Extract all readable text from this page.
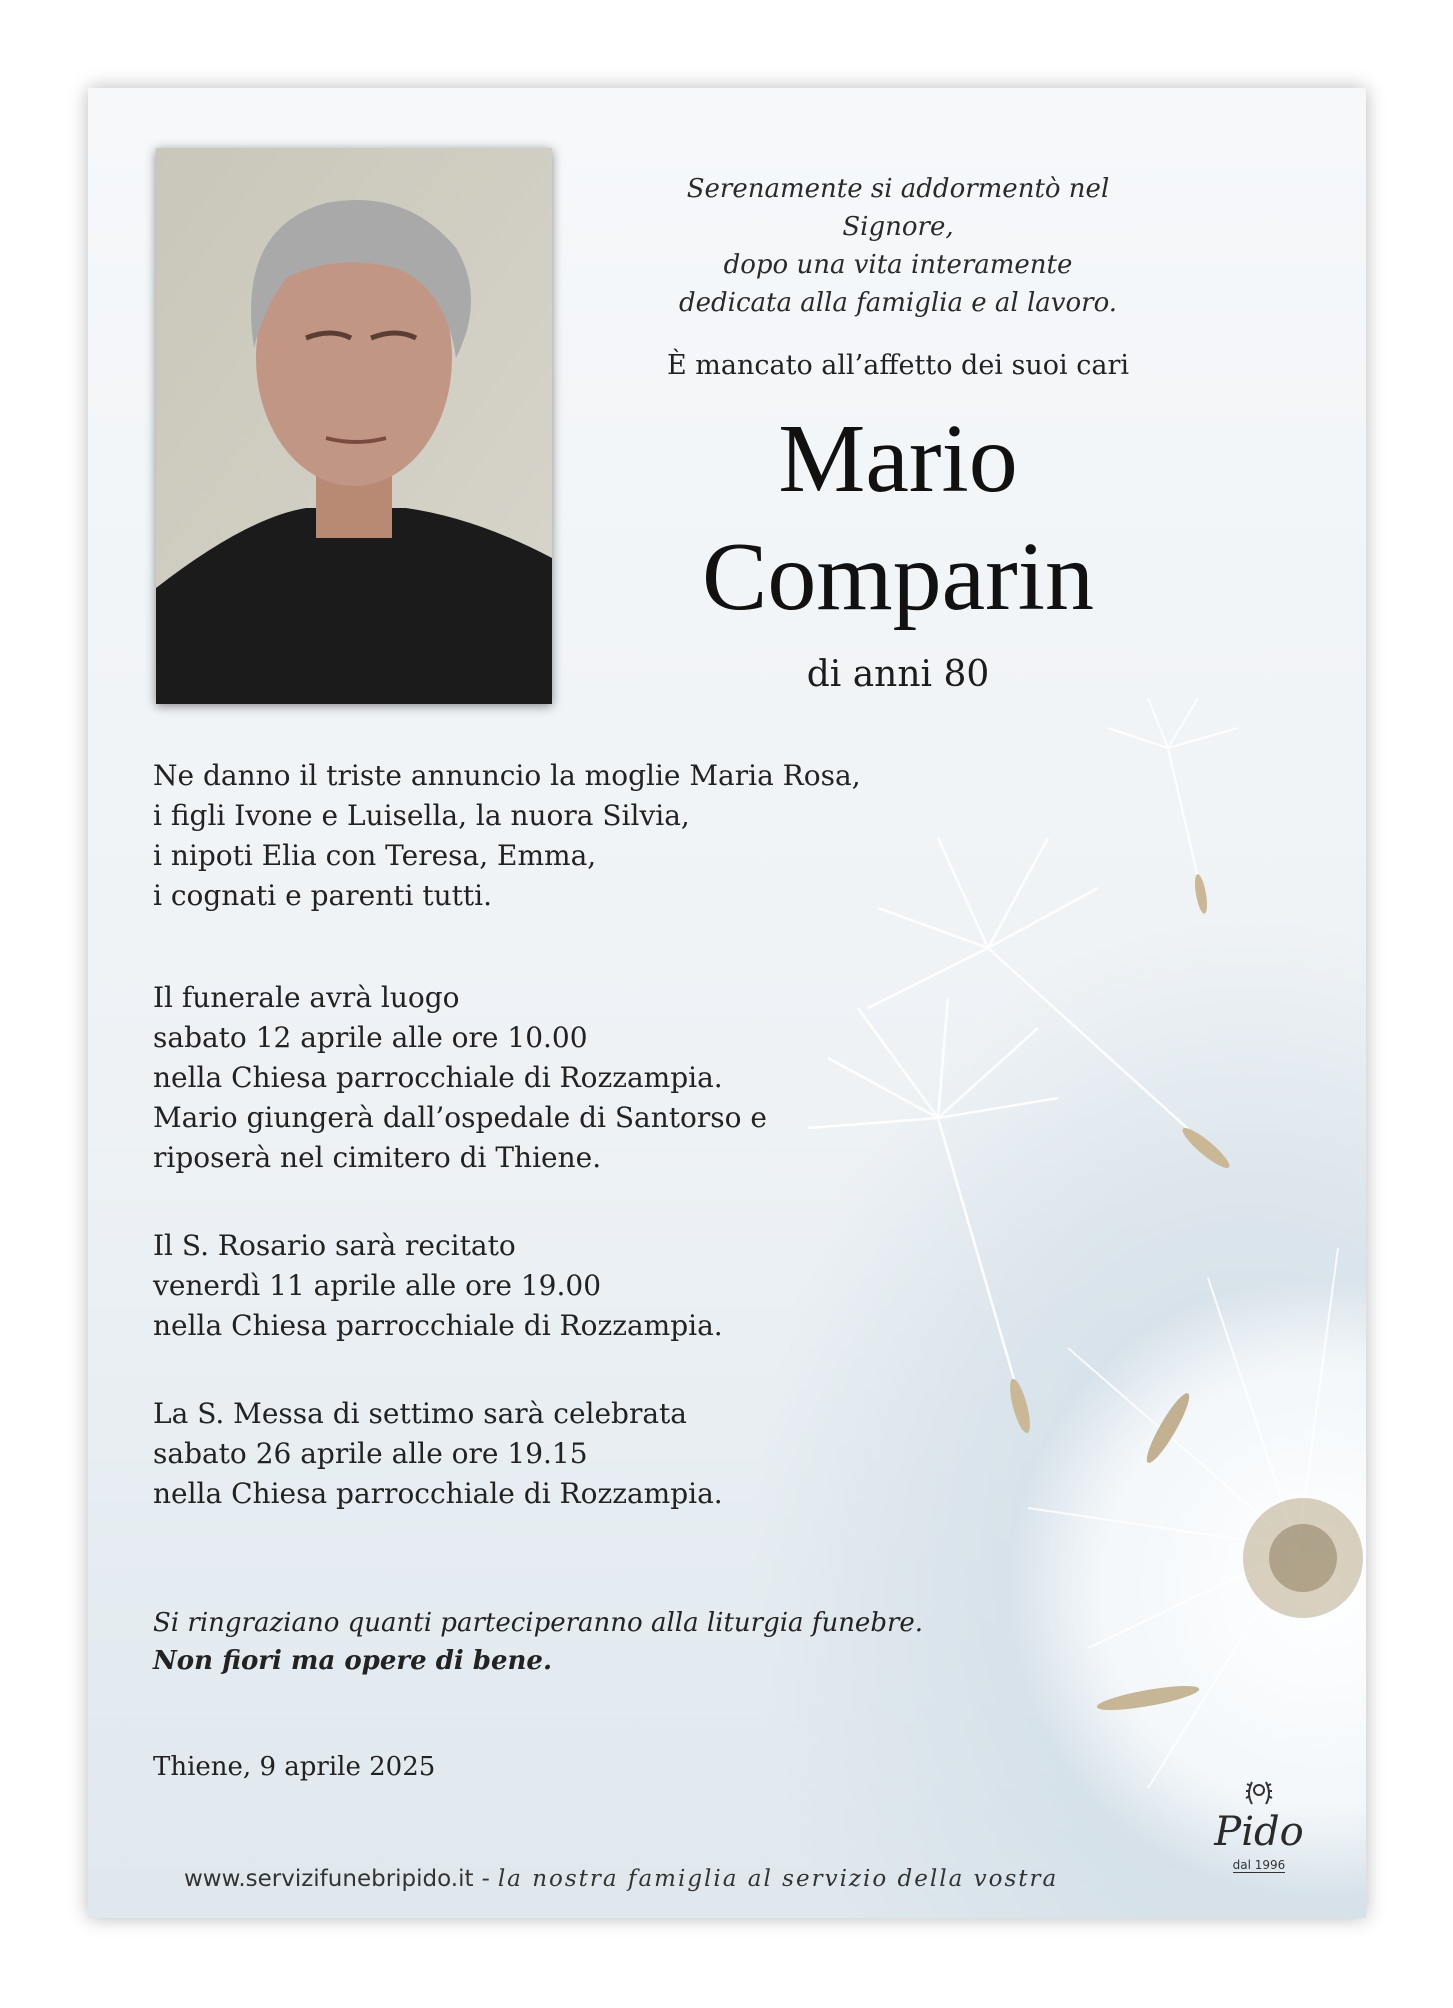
Serenamente si addormentò nel Signore,
dopo una vita interamente
dedicata alla famiglia e al lavoro.

È mancato all’affetto dei suoi cari
Mario
Comparin
di anni 80

Ne danno il triste annuncio la moglie Maria Rosa,
i figli Ivone e Luisella, la nuora Silvia,
i nipoti Elia con Teresa, Emma,
i cognati e parenti tutti.

Il funerale avrà luogo
sabato 12 aprile alle ore 10.00
nella Chiesa parrocchiale di Rozzampia.
Mario giungerà dall’ospedale di Santorso e
riposerà nel cimitero di Thiene.

Il S. Rosario sarà recitato
venerdì 11 aprile alle ore 19.00
nella Chiesa parrocchiale di Rozzampia.

La S. Messa di settimo sarà celebrata
sabato 26 aprile alle ore 19.15
nella Chiesa parrocchiale di Rozzampia.

Si ringraziano quanti parteciperanno alla liturgia funebre.
Non fiori ma opere di bene.

Thiene, 9 aprile 2025
Pido
dal 1996
www.servizifunebripido.it - la nostra famiglia al servizio della vostra
